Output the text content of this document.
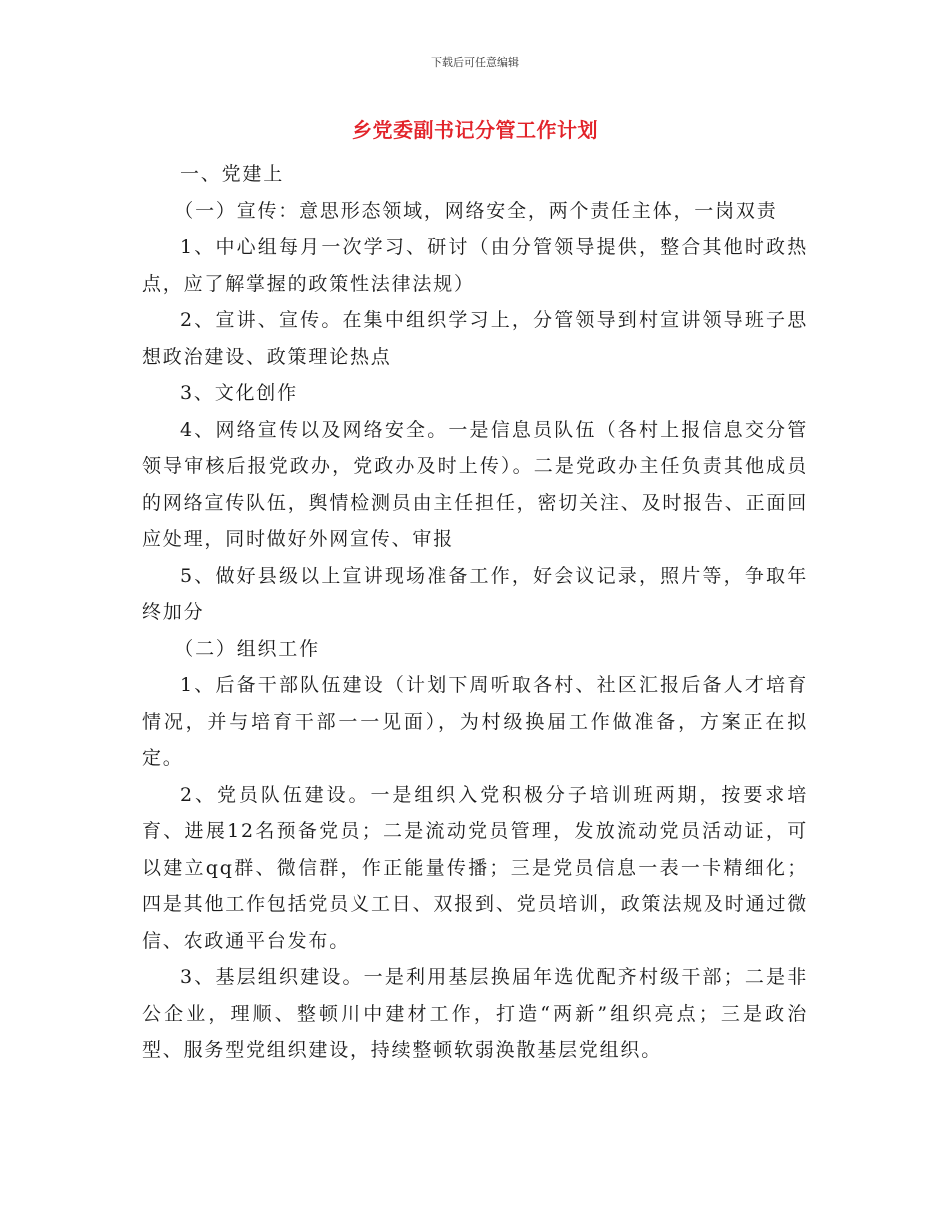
下载后可任意编辑
乡党委副书记分管工作计划

一、党建上

（一）宣传：意思形态领域，网络安全，两个责任主体，一岗双责

1、中心组每月一次学习、研讨（由分管领导提供，整合其他时政热点，应了解掌握的政策性法律法规）

2、宣讲、宣传。在集中组织学习上，分管领导到村宣讲领导班子思想政治建设、政策理论热点

3、文化创作

4、网络宣传以及网络安全。一是信息员队伍（各村上报信息交分管领导审核后报党政办，党政办及时上传）。二是党政办主任负责其他成员的网络宣传队伍，舆情检测员由主任担任，密切关注、及时报告、正面回应处理，同时做好外网宣传、审报

5、做好县级以上宣讲现场准备工作，好会议记录，照片等，争取年终加分

（二）组织工作

1、后备干部队伍建设（计划下周听取各村、社区汇报后备人才培育情况，并与培育干部一一见面），为村级换届工作做准备，方案正在拟定。

2、党员队伍建设。一是组织入党积极分子培训班两期，按要求培育、进展12名预备党员；二是流动党员管理，发放流动党员活动证，可以建立qq群、微信群，作正能量传播；三是党员信息一表一卡精细化；四是其他工作包括党员义工日、双报到、党员培训，政策法规及时通过微信、农政通平台发布。

3、基层组织建设。一是利用基层换届年选优配齐村级干部；二是非公企业，理顺、整顿川中建材工作，打造“两新”组织亮点；三是政治型、服务型党组织建设，持续整顿软弱涣散基层党组织。
